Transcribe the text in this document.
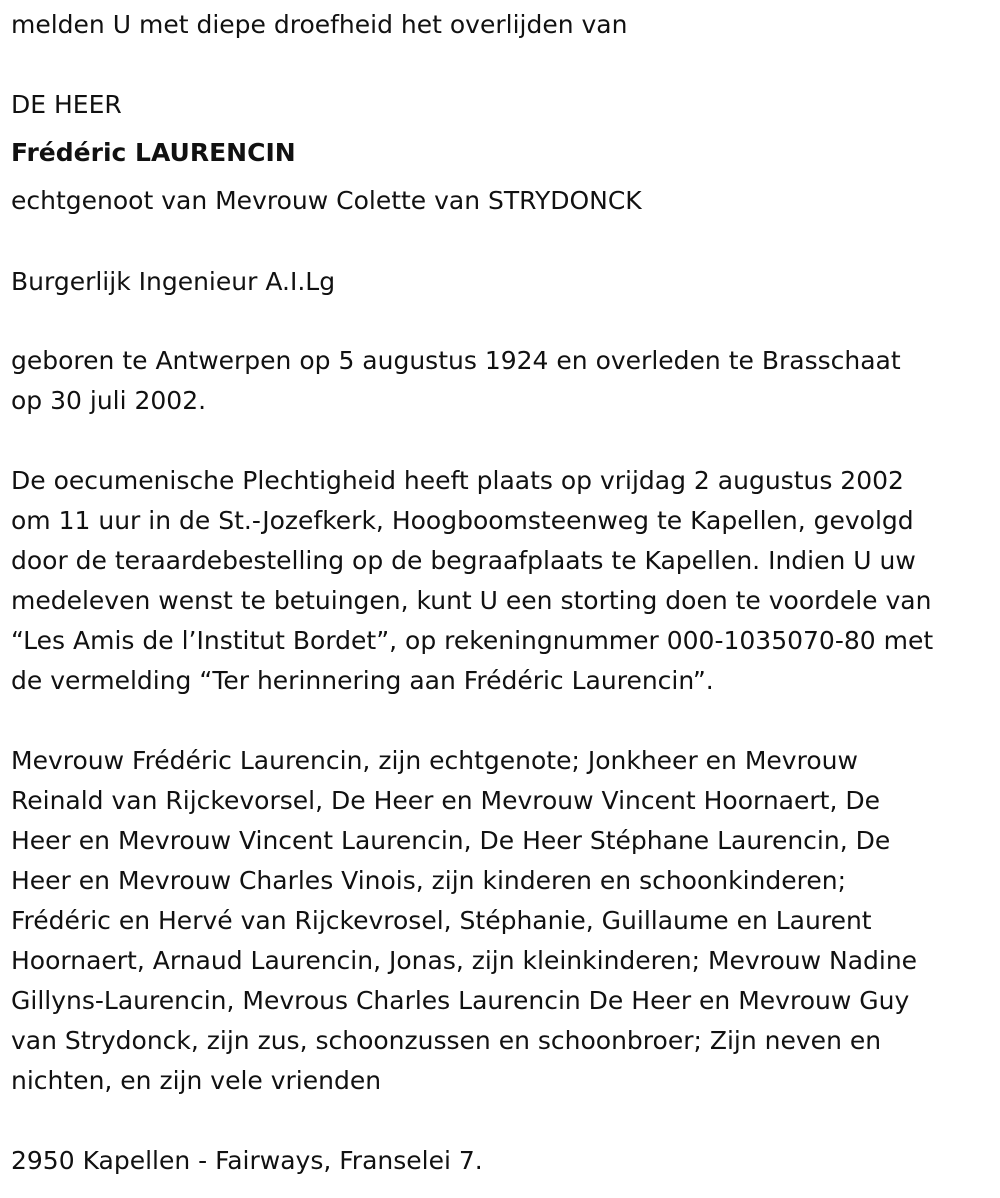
melden U met diepe droefheid het overlijden van
DE HEER
Frédéric LAURENCIN
echtgenoot van Mevrouw Colette van STRYDONCK
Burgerlijk Ingenieur A.I.Lg
geboren te Antwerpen op 5 augustus 1924 en overleden te Brasschaat
op 30 juli 2002.
De oecumenische Plechtigheid heeft plaats op vrijdag 2 augustus 2002
om 11 uur in de St.-Jozefkerk, Hoogboomsteenweg te Kapellen, gevolgd
door de teraardebestelling op de begraafplaats te Kapellen. Indien U uw
medeleven wenst te betuingen, kunt U een storting doen te voordele van
“Les Amis de l’Institut Bordet”, op rekeningnummer 000-1035070-80 met
de vermelding “Ter herinnering aan Frédéric Laurencin”.
Mevrouw Frédéric Laurencin, zijn echtgenote; Jonkheer en Mevrouw
Reinald van Rijckevorsel, De Heer en Mevrouw Vincent Hoornaert, De
Heer en Mevrouw Vincent Laurencin, De Heer Stéphane Laurencin, De
Heer en Mevrouw Charles Vinois, zijn kinderen en schoonkinderen;
Frédéric en Hervé van Rijckevrosel, Stéphanie, Guillaume en Laurent
Hoornaert, Arnaud Laurencin, Jonas, zijn kleinkinderen; Mevrouw Nadine
Gillyns-Laurencin, Mevrous Charles Laurencin De Heer en Mevrouw Guy
van Strydonck, zijn zus, schoonzussen en schoonbroer; Zijn neven en
nichten, en zijn vele vrienden
2950 Kapellen - Fairways, Franselei 7.
